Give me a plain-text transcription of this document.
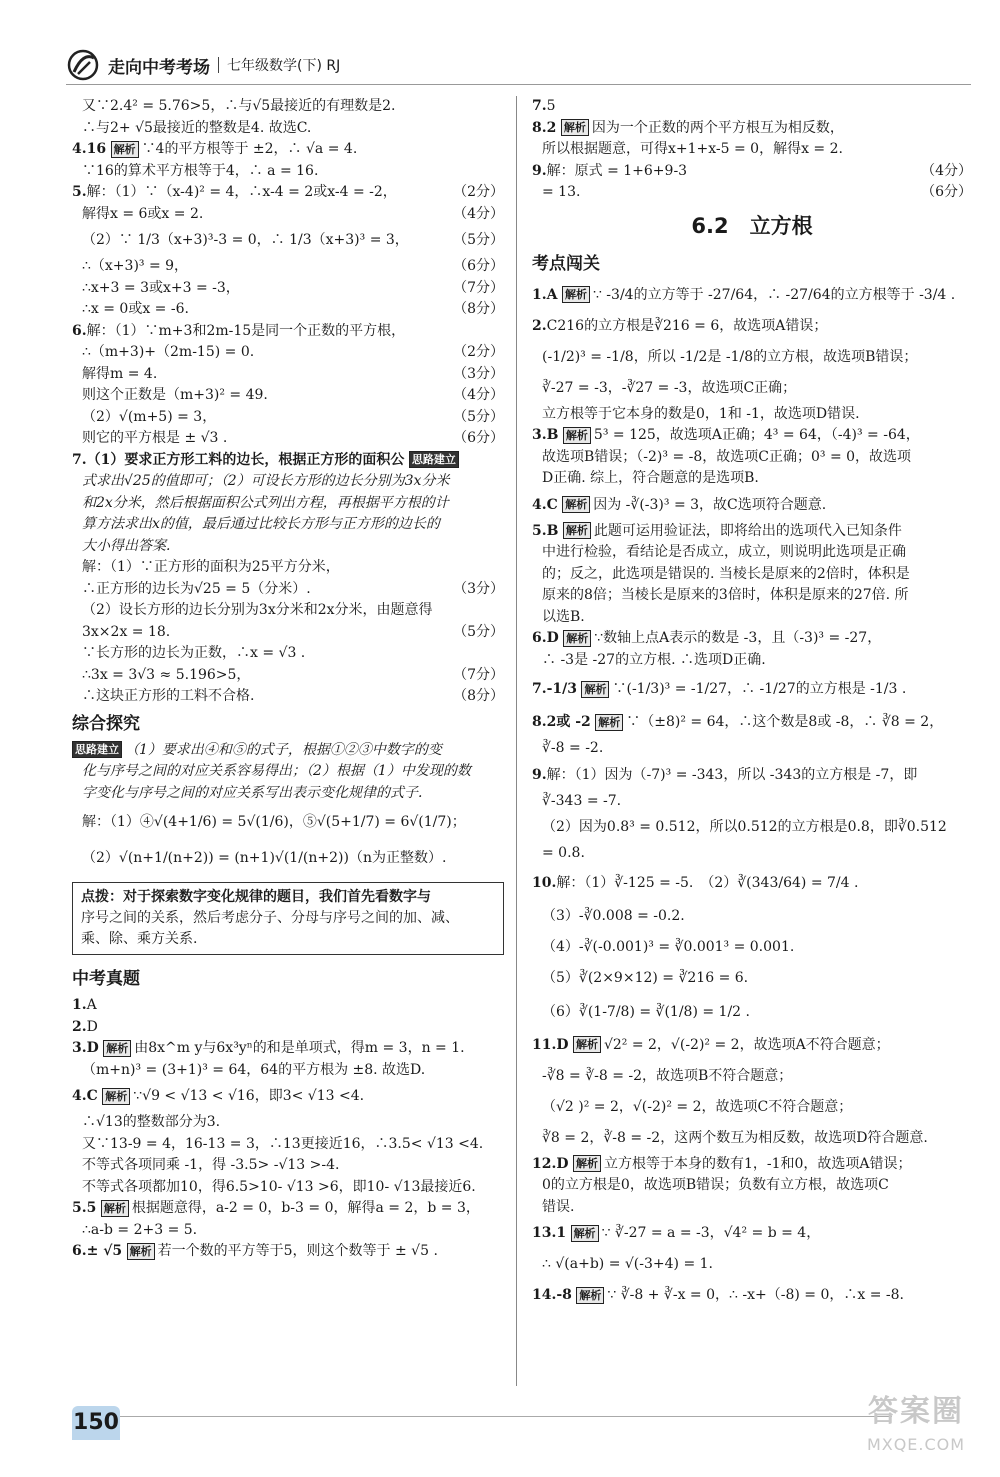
走向中考考场 七年级数学(下) RJ
又∵2.4² = 5.76>5，∴与√5最接近的有理数是2.
∴与2+ √5最接近的整数是4. 故选C.
4.16 解析 ∵4的平方根等于 ±2，∴ √a = 4.
∵16的算术平方根等于4，∴ a = 16.
5.解：（1）∵（x-4)² = 4，∴x-4 = 2或x-4 = -2，	（2分）
解得x = 6或x = 2.	（4分）
（2）∵ 1/3（x+3)³-3 = 0，∴ 1/3（x+3)³ = 3，	（5分）
∴（x+3)³ = 9，	（6分）
∴x+3 = 3或x+3 = -3，	（7分）
∴x = 0或x = -6.	（8分）
6.解：（1）∵m+3和2m-15是同一个正数的平方根，
∴（m+3)+（2m-15) = 0.	（2分）
解得m = 4.	（3分）
则这个正数是（m+3)² = 49.	（4分）
（2）√(m+5) = 3，	（5分）
则它的平方根是 ± √3 .	（6分）
7.（1）要求正方形工料的边长，根据正方形的面积公 思路建立
式求出√25的值即可；（2）可设长方形的边长分别为3x分米
和2x分米，然后根据面积公式列出方程，再根据平方根的计
算方法求出x的值，最后通过比较长方形与正方形的边长的
大小得出答案.
解：（1）∵正方形的面积为25平方分米，
∴正方形的边长为√25 = 5（分米）.	（3分）
（2）设长方形的边长分别为3x分米和2x分米，由题意得
3x×2x = 18.	（5分）
∵长方形的边长为正数，∴x = √3 .
∴3x = 3√3 ≈ 5.196>5，	（7分）
∴这块正方形的工料不合格.	（8分）
综合探究
思路建立 （1）要求出④和⑤的式子，根据①②③中数字的变
化与序号之间的对应关系容易得出；（2）根据（1）中发现的数
字变化与序号之间的对应关系写出表示变化规律的式子.
解：（1）④√(4+1/6) = 5√(1/6)，⑤√(5+1/7) = 6√(1/7)；
（2）√(n+1/(n+2)) = (n+1)√(1/(n+2))（n为正整数）.
点拨：对于探索数字变化规律的题目，我们首先看数字与
序号之间的关系，然后考虑分子、分母与序号之间的加、减、
乘、除、乘方关系.
中考真题
1.A
2.D
3.D 解析 由8x^m y与6x³yⁿ的和是单项式，得m = 3，n = 1.
（m+n)³ = (3+1)³ = 64，64的平方根为 ±8. 故选D.
4.C 解析 ∵√9 < √13 < √16，即3< √13 <4.
∴√13的整数部分为3.
又∵13-9 = 4，16-13 = 3，∴13更接近16，∴3.5< √13 <4.
不等式各项同乘 -1，得 -3.5> -√13 >-4.
不等式各项都加10，得6.5>10- √13 >6，即10- √13最接近6.
5.5 解析 根据题意得，a-2 = 0，b-3 = 0，解得a = 2，b = 3，
∴a-b = 2+3 = 5.
6.± √5 解析 若一个数的平方等于5，则这个数等于 ± √5 .
7.5
8.2 解析 因为一个正数的两个平方根互为相反数，
所以根据题意，可得x+1+x-5 = 0，解得x = 2.
9.解：原式 = 1+6+9-3	（4分）
= 13.	（6分）
6.2　立方根
考点闯关
1.A 解析 ∵ -3/4的立方等于 -27/64，∴ -27/64的立方根等于 -3/4 .
2.C216的立方根是∛216 = 6，故选项A错误；
(-1/2)³ = -1/8，所以 -1/2是 -1/8的立方根，故选项B错误；
∛-27 = -3，-∛27 = -3，故选项C正确；
立方根等于它本身的数是0，1和 -1，故选项D错误.
3.B 解析 5³ = 125，故选项A正确；4³ = 64，（-4)³ = -64，
故选项B错误；（-2)³ = -8，故选项C正确；0³ = 0，故选项
D正确. 综上，符合题意的是选项B.
4.C 解析 因为 -∛(-3)³ = 3，故C选项符合题意.
5.B 解析 此题可运用验证法，即将给出的选项代入已知条件
中进行检验，看结论是否成立，成立，则说明此选项是正确
的；反之，此选项是错误的. 当棱长是原来的2倍时，体积是
原来的8倍；当棱长是原来的3倍时，体积是原来的27倍. 所
以选B.
6.D 解析 ∵数轴上点A表示的数是 -3，且（-3)³ = -27，
∴ -3是 -27的立方根. ∴选项D正确.
7.-1/3 解析 ∵(-1/3)³ = -1/27，∴ -1/27的立方根是 -1/3 .
8.2或 -2 解析 ∵（±8)² = 64，∴这个数是8或 -8，∴ ∛8 = 2，
∛-8 = -2.
9.解：（1）因为（-7)³ = -343，所以 -343的立方根是 -7，即
∛-343 = -7.
（2）因为0.8³ = 0.512，所以0.512的立方根是0.8，即∛0.512
= 0.8.
10.解：（1）∛-125 = -5.　（2）∛(343/64) = 7/4 .
（3）-∛0.008 = -0.2.
（4）-∛(-0.001)³ = ∛0.001³ = 0.001.
（5）∛(2×9×12) = ∛216 = 6.
（6）∛(1-7/8) = ∛(1/8) = 1/2 .
11.D 解析 √2² = 2，√(-2)² = 2，故选项A不符合题意；
-∛8 = ∛-8 = -2，故选项B不符合题意；
（√2 )² = 2，√(-2)² = 2，故选项C不符合题意；
∛8 = 2，∛-8 = -2，这两个数互为相反数，故选项D符合题意.
12.D 解析 立方根等于本身的数有1，-1和0，故选项A错误；
0的立方根是0，故选项B错误；负数有立方根，故选项C
错误.
13.1 解析 ∵ ∛-27 = a = -3，√4² = b = 4，
∴ √(a+b) = √(-3+4) = 1.
14.-8 解析 ∵ ∛-8 + ∛-x = 0，∴ -x+（-8) = 0，∴x = -8.
150	答案圈
MXQE.COM
